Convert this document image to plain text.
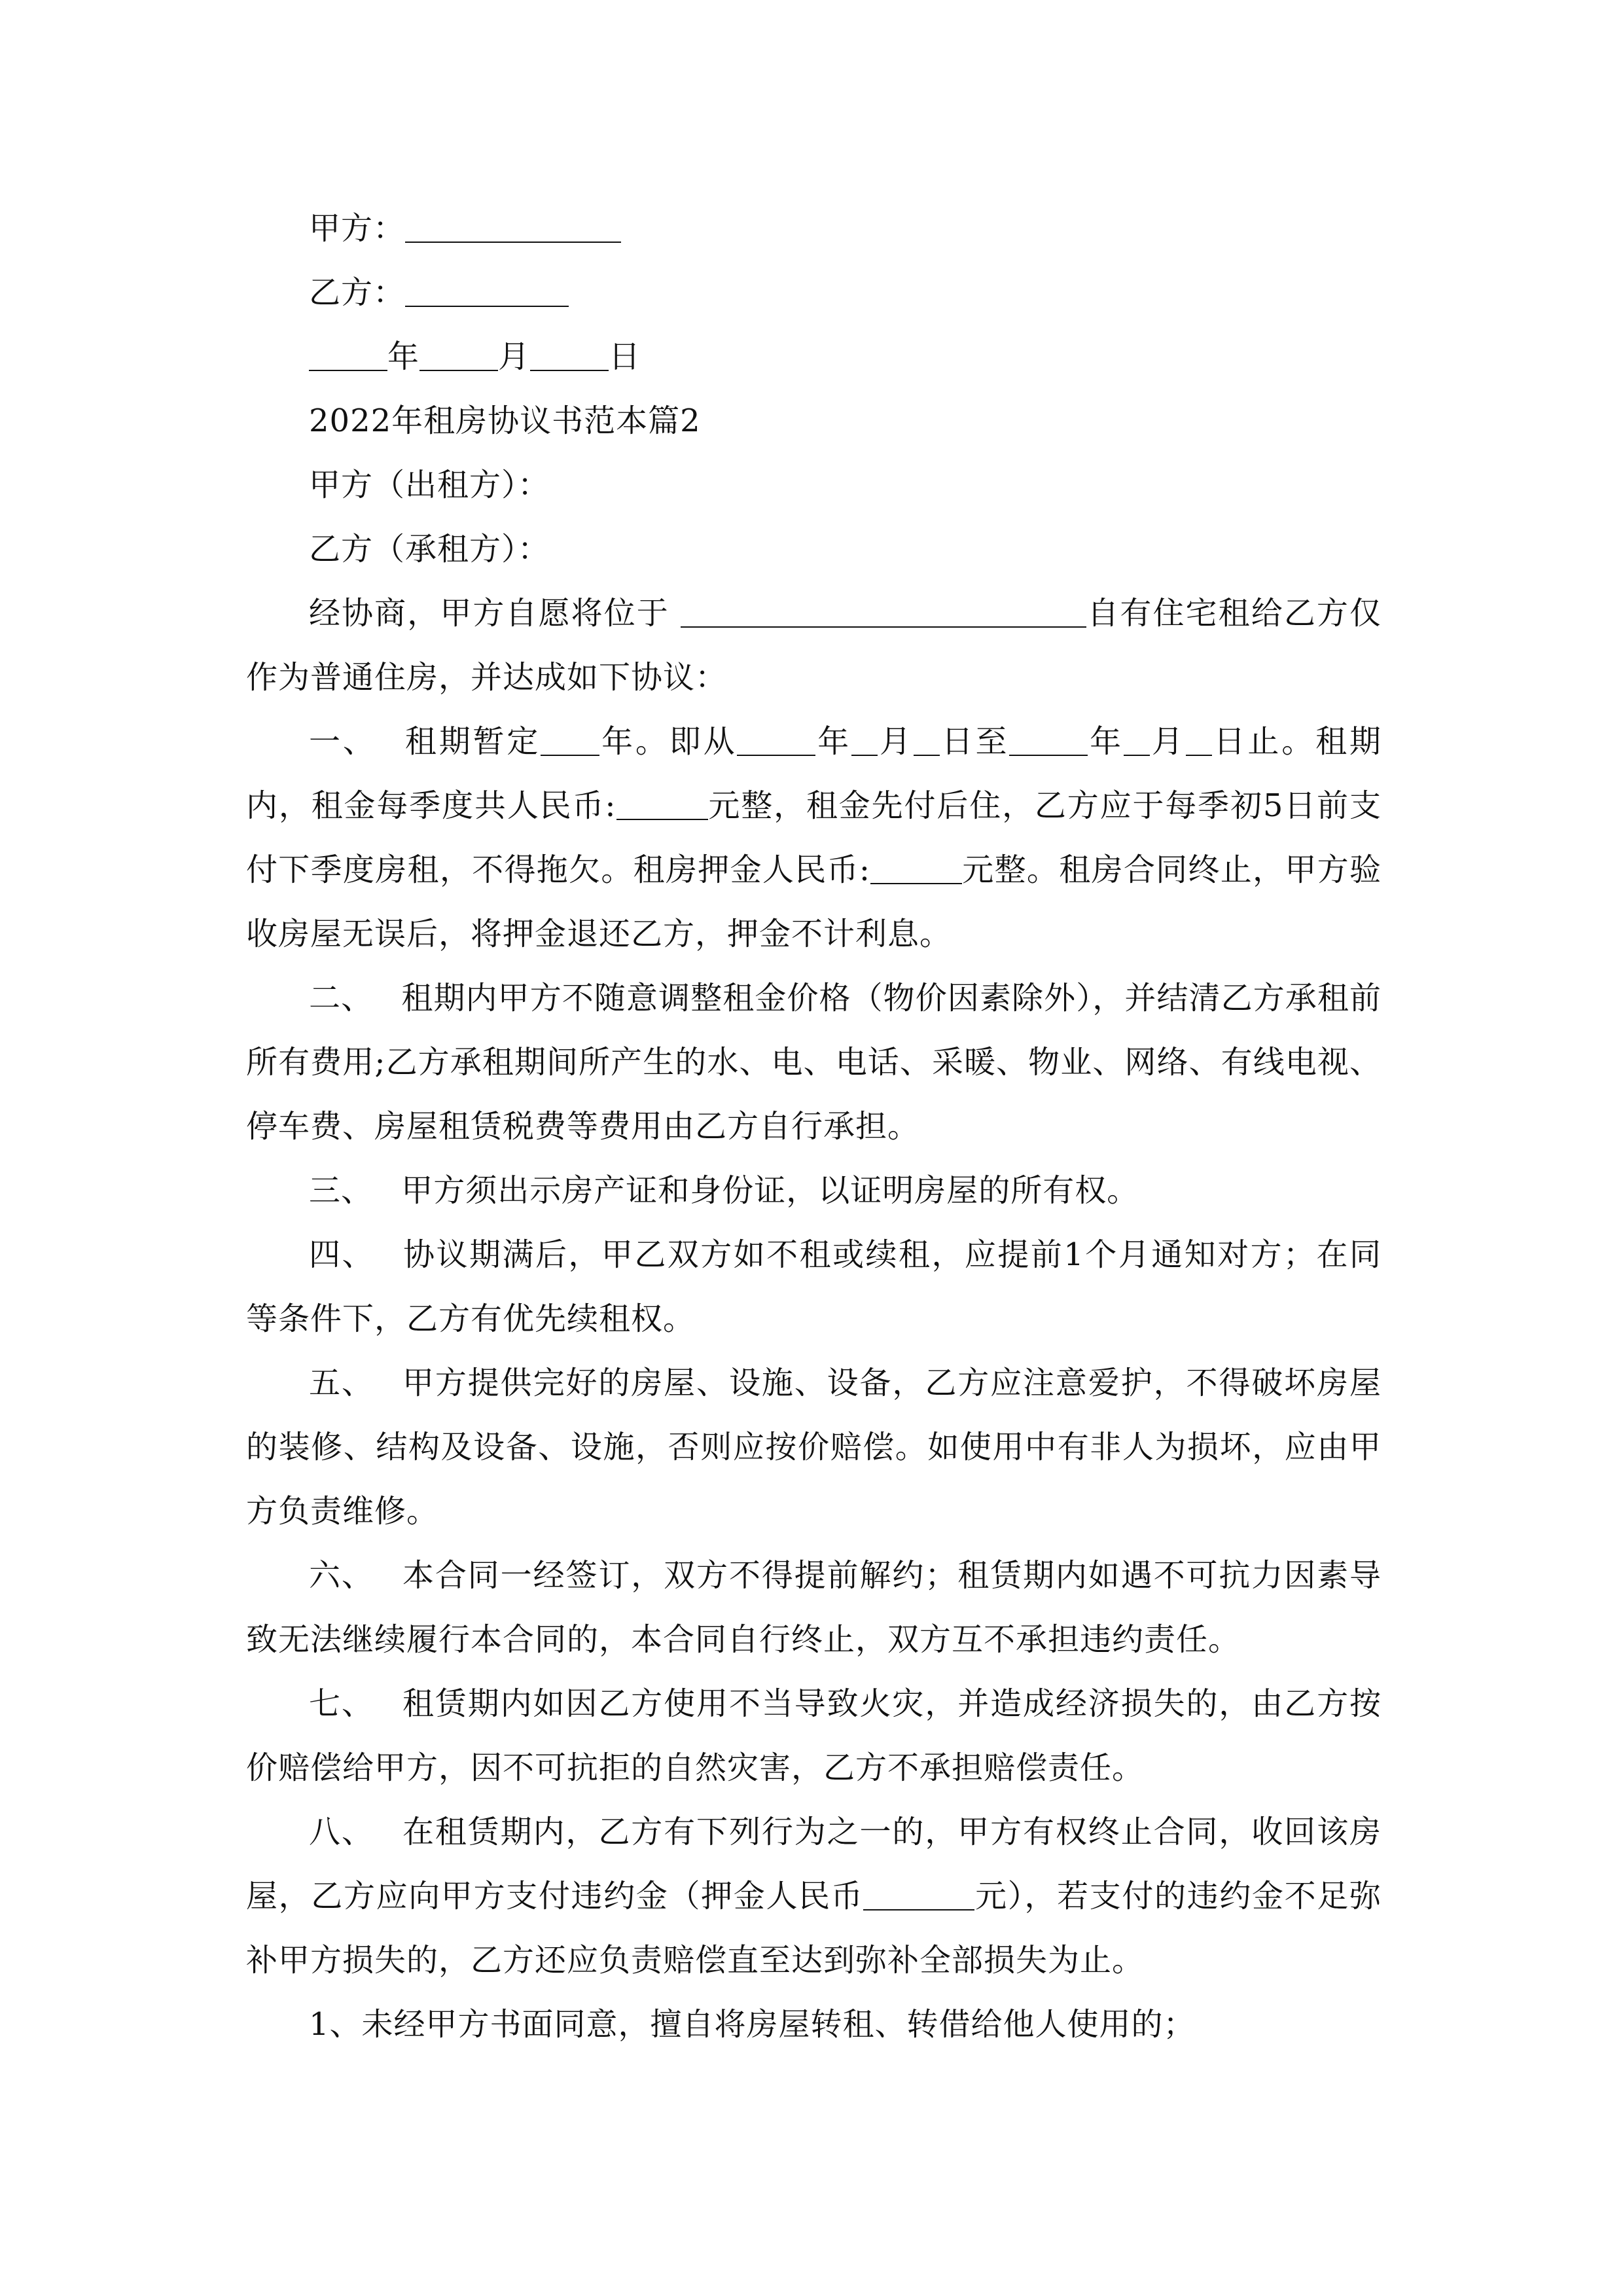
甲方：

乙方：

年	月	日

2022年租房协议书范本篇2

甲方（出租方）：

乙方（承租方）：

经协商，甲方自愿将位于	自有住宅租给乙方仅作为普通住房，并达成如下协议：

一、 租期暂定 年。即从	年 月 日至	年 月 日止。租期内，租金每季度共人民币:	元整，租金先付后住，乙方应于每季初5日前支付下季度房租，不得拖欠。租房押金人民币:	元整。租房合同终止，甲方验收房屋无误后，将押金退还乙方，押金不计利息。

二、 租期内甲方不随意调整租金价格（物价因素除外），并结清乙方承租前所有费用;乙方承租期间所产生的水、电、电话、采暖、物业、网络、有线电视、停车费、房屋租赁税费等费用由乙方自行承担。

三、 甲方须出示房产证和身份证，以证明房屋的所有权。

四、 协议期满后，甲乙双方如不租或续租，应提前1个月通知对方；在同等条件下，乙方有优先续租权。

五、 甲方提供完好的房屋、设施、设备，乙方应注意爱护，不得破坏房屋的装修、结构及设备、设施，否则应按价赔偿。如使用中有非人为损坏，应由甲方负责维修。

六、 本合同一经签订，双方不得提前解约；租赁期内如遇不可抗力因素导致无法继续履行本合同的，本合同自行终止，双方互不承担违约责任。

七、 租赁期内如因乙方使用不当导致火灾，并造成经济损失的，由乙方按价赔偿给甲方，因不可抗拒的自然灾害，乙方不承担赔偿责任。

八、 在租赁期内，乙方有下列行为之一的，甲方有权终止合同，收回该房屋，乙方应向甲方支付违约金（押金人民币	元），若支付的违约金不足弥补甲方损失的，乙方还应负责赔偿直至达到弥补全部损失为止。

1、未经甲方书面同意，擅自将房屋转租、转借给他人使用的；
